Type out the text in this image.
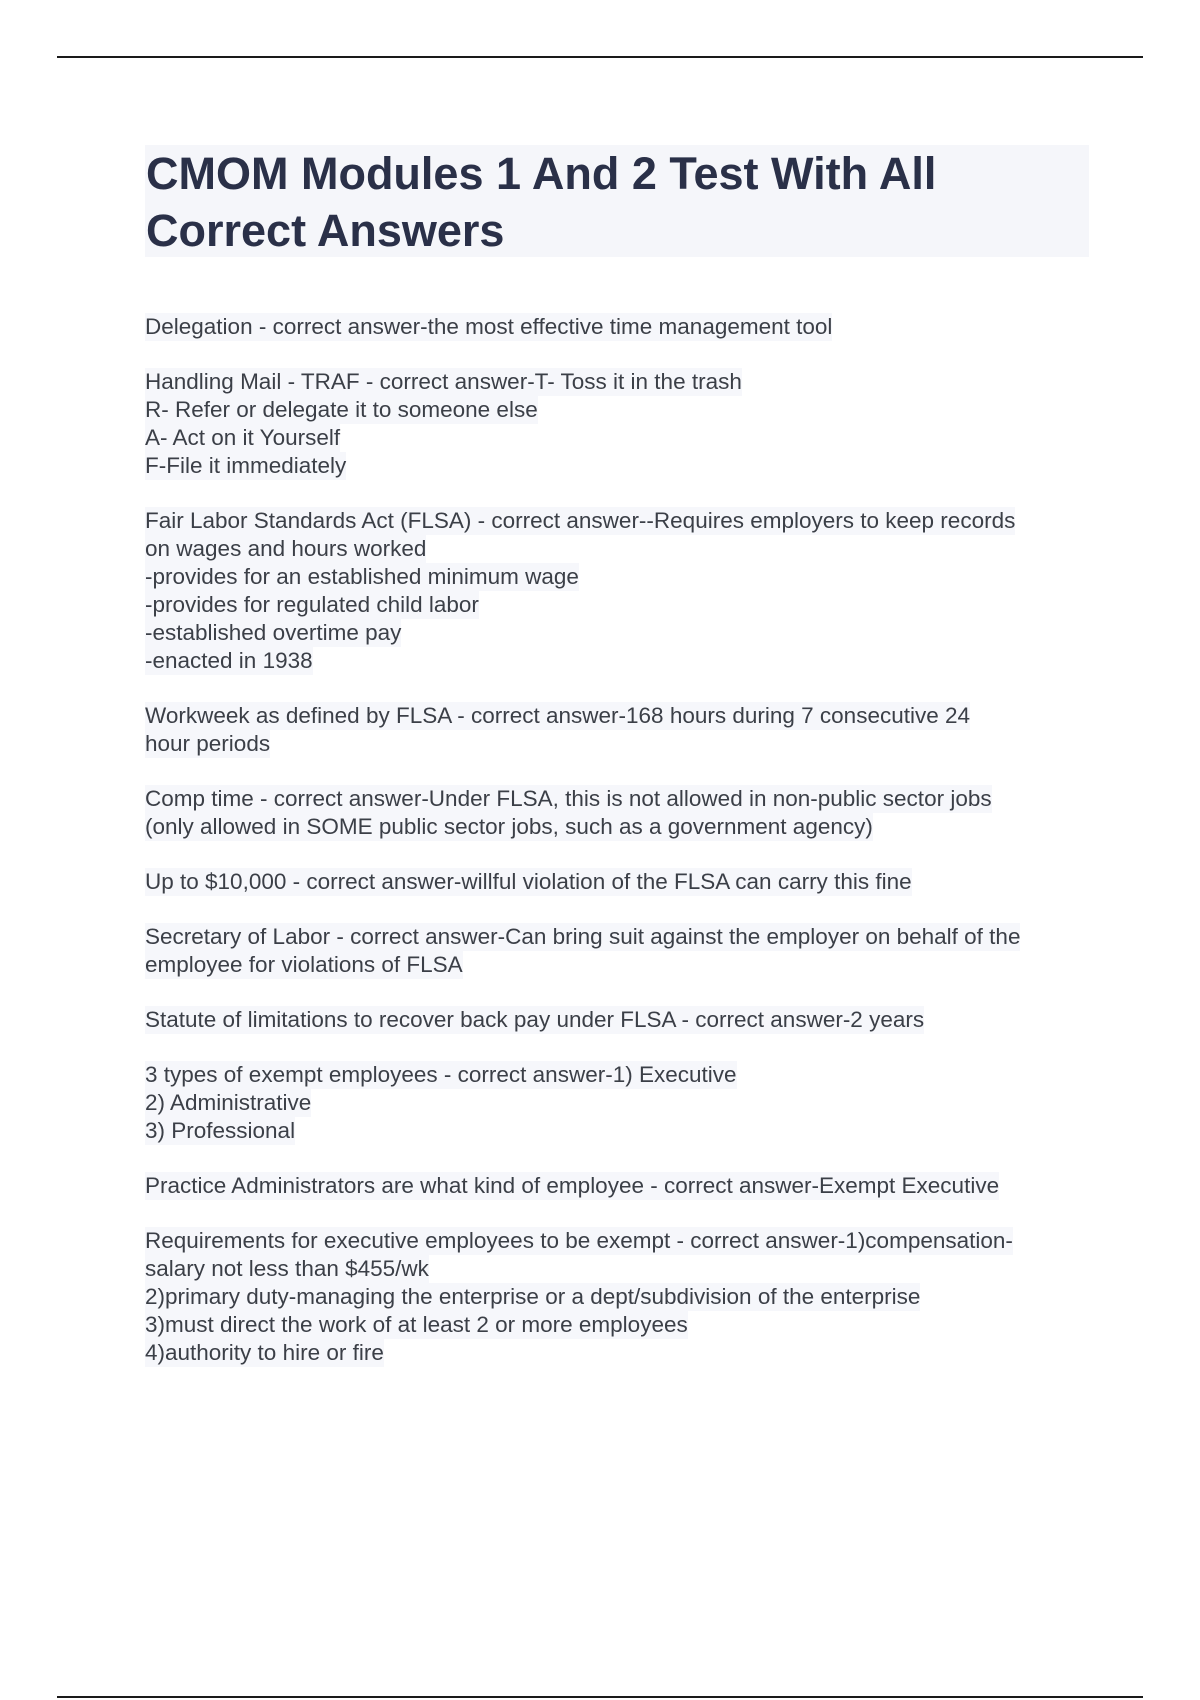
CMOM Modules 1 And 2 Test With All
Correct Answers
Delegation - correct answer-the most effective time management tool
Handling Mail - TRAF - correct answer-T- Toss it in the trash
R- Refer or delegate it to someone else
A- Act on it Yourself
F-File it immediately
Fair Labor Standards Act (FLSA) - correct answer--Requires employers to keep records
on wages and hours worked
-provides for an established minimum wage
-provides for regulated child labor
-established overtime pay
-enacted in 1938
Workweek as defined by FLSA - correct answer-168 hours during 7 consecutive 24
hour periods
Comp time - correct answer-Under FLSA, this is not allowed in non-public sector jobs
(only allowed in SOME public sector jobs, such as a government agency)
Up to $10,000 - correct answer-willful violation of the FLSA can carry this fine
Secretary of Labor - correct answer-Can bring suit against the employer on behalf of the
employee for violations of FLSA
Statute of limitations to recover back pay under FLSA - correct answer-2 years
3 types of exempt employees - correct answer-1) Executive
2) Administrative
3) Professional
Practice Administrators are what kind of employee - correct answer-Exempt Executive
Requirements for executive employees to be exempt - correct answer-1)compensation-
salary not less than $455/wk
2)primary duty-managing the enterprise or a dept/subdivision of the enterprise
3)must direct the work of at least 2 or more employees
4)authority to hire or fire
